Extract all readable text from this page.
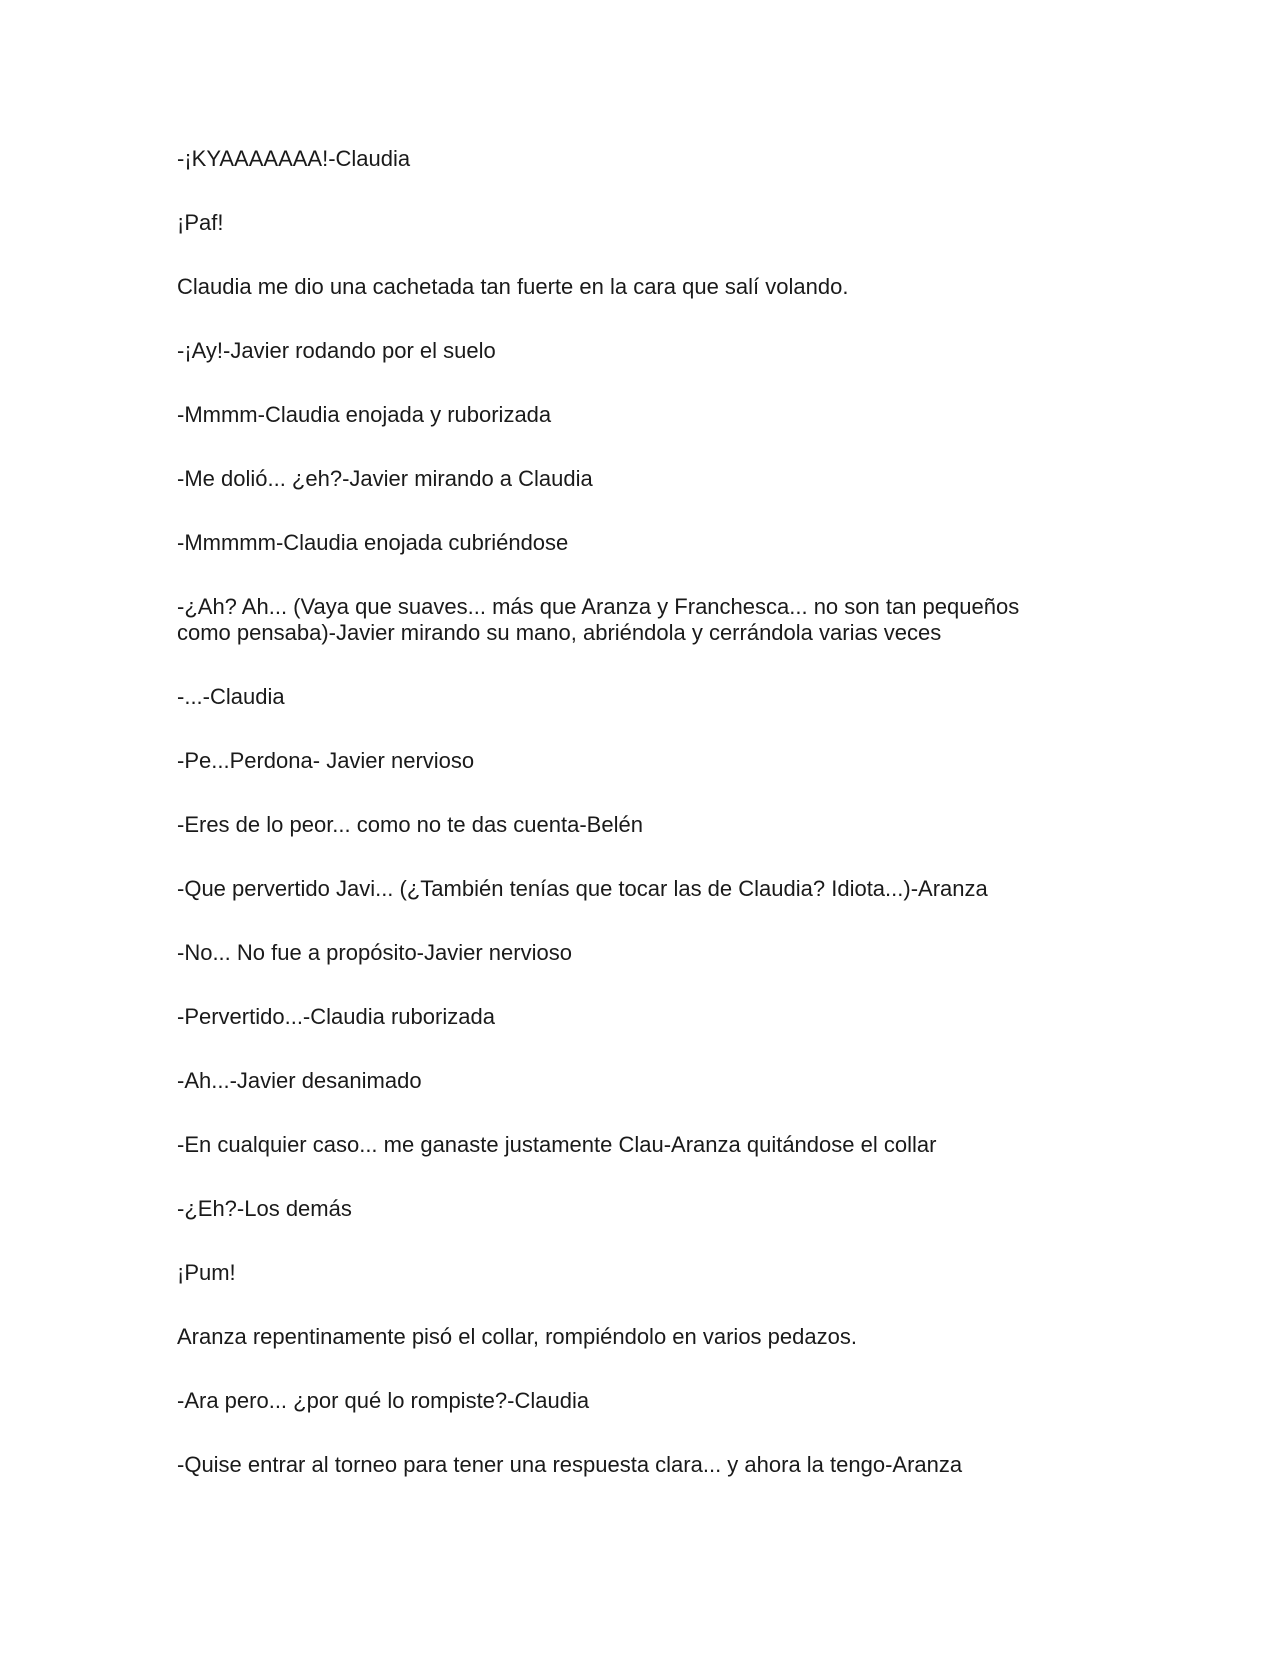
-¡KYAAAAAAA!-Claudia

¡Paf!

Claudia me dio una cachetada tan fuerte en la cara que salí volando.

-¡Ay!-Javier rodando por el suelo

-Mmmm-Claudia enojada y ruborizada

-Me dolió... ¿eh?-Javier mirando a Claudia

-Mmmmm-Claudia enojada cubriéndose

-¿Ah? Ah... (Vaya que suaves... más que Aranza y Franchesca... no son tan pequeños como pensaba)-Javier mirando su mano, abriéndola y cerrándola varias veces

-...-Claudia

-Pe...Perdona- Javier nervioso

-Eres de lo peor... como no te das cuenta-Belén

-Que pervertido Javi... (¿También tenías que tocar las de Claudia? Idiota...)-Aranza

-No... No fue a propósito-Javier nervioso

-Pervertido...-Claudia ruborizada

-Ah...-Javier desanimado

-En cualquier caso... me ganaste justamente Clau-Aranza quitándose el collar

-¿Eh?-Los demás

¡Pum!

Aranza repentinamente pisó el collar, rompiéndolo en varios pedazos.

-Ara pero... ¿por qué lo rompiste?-Claudia

-Quise entrar al torneo para tener una respuesta clara... y ahora la tengo-Aranza
